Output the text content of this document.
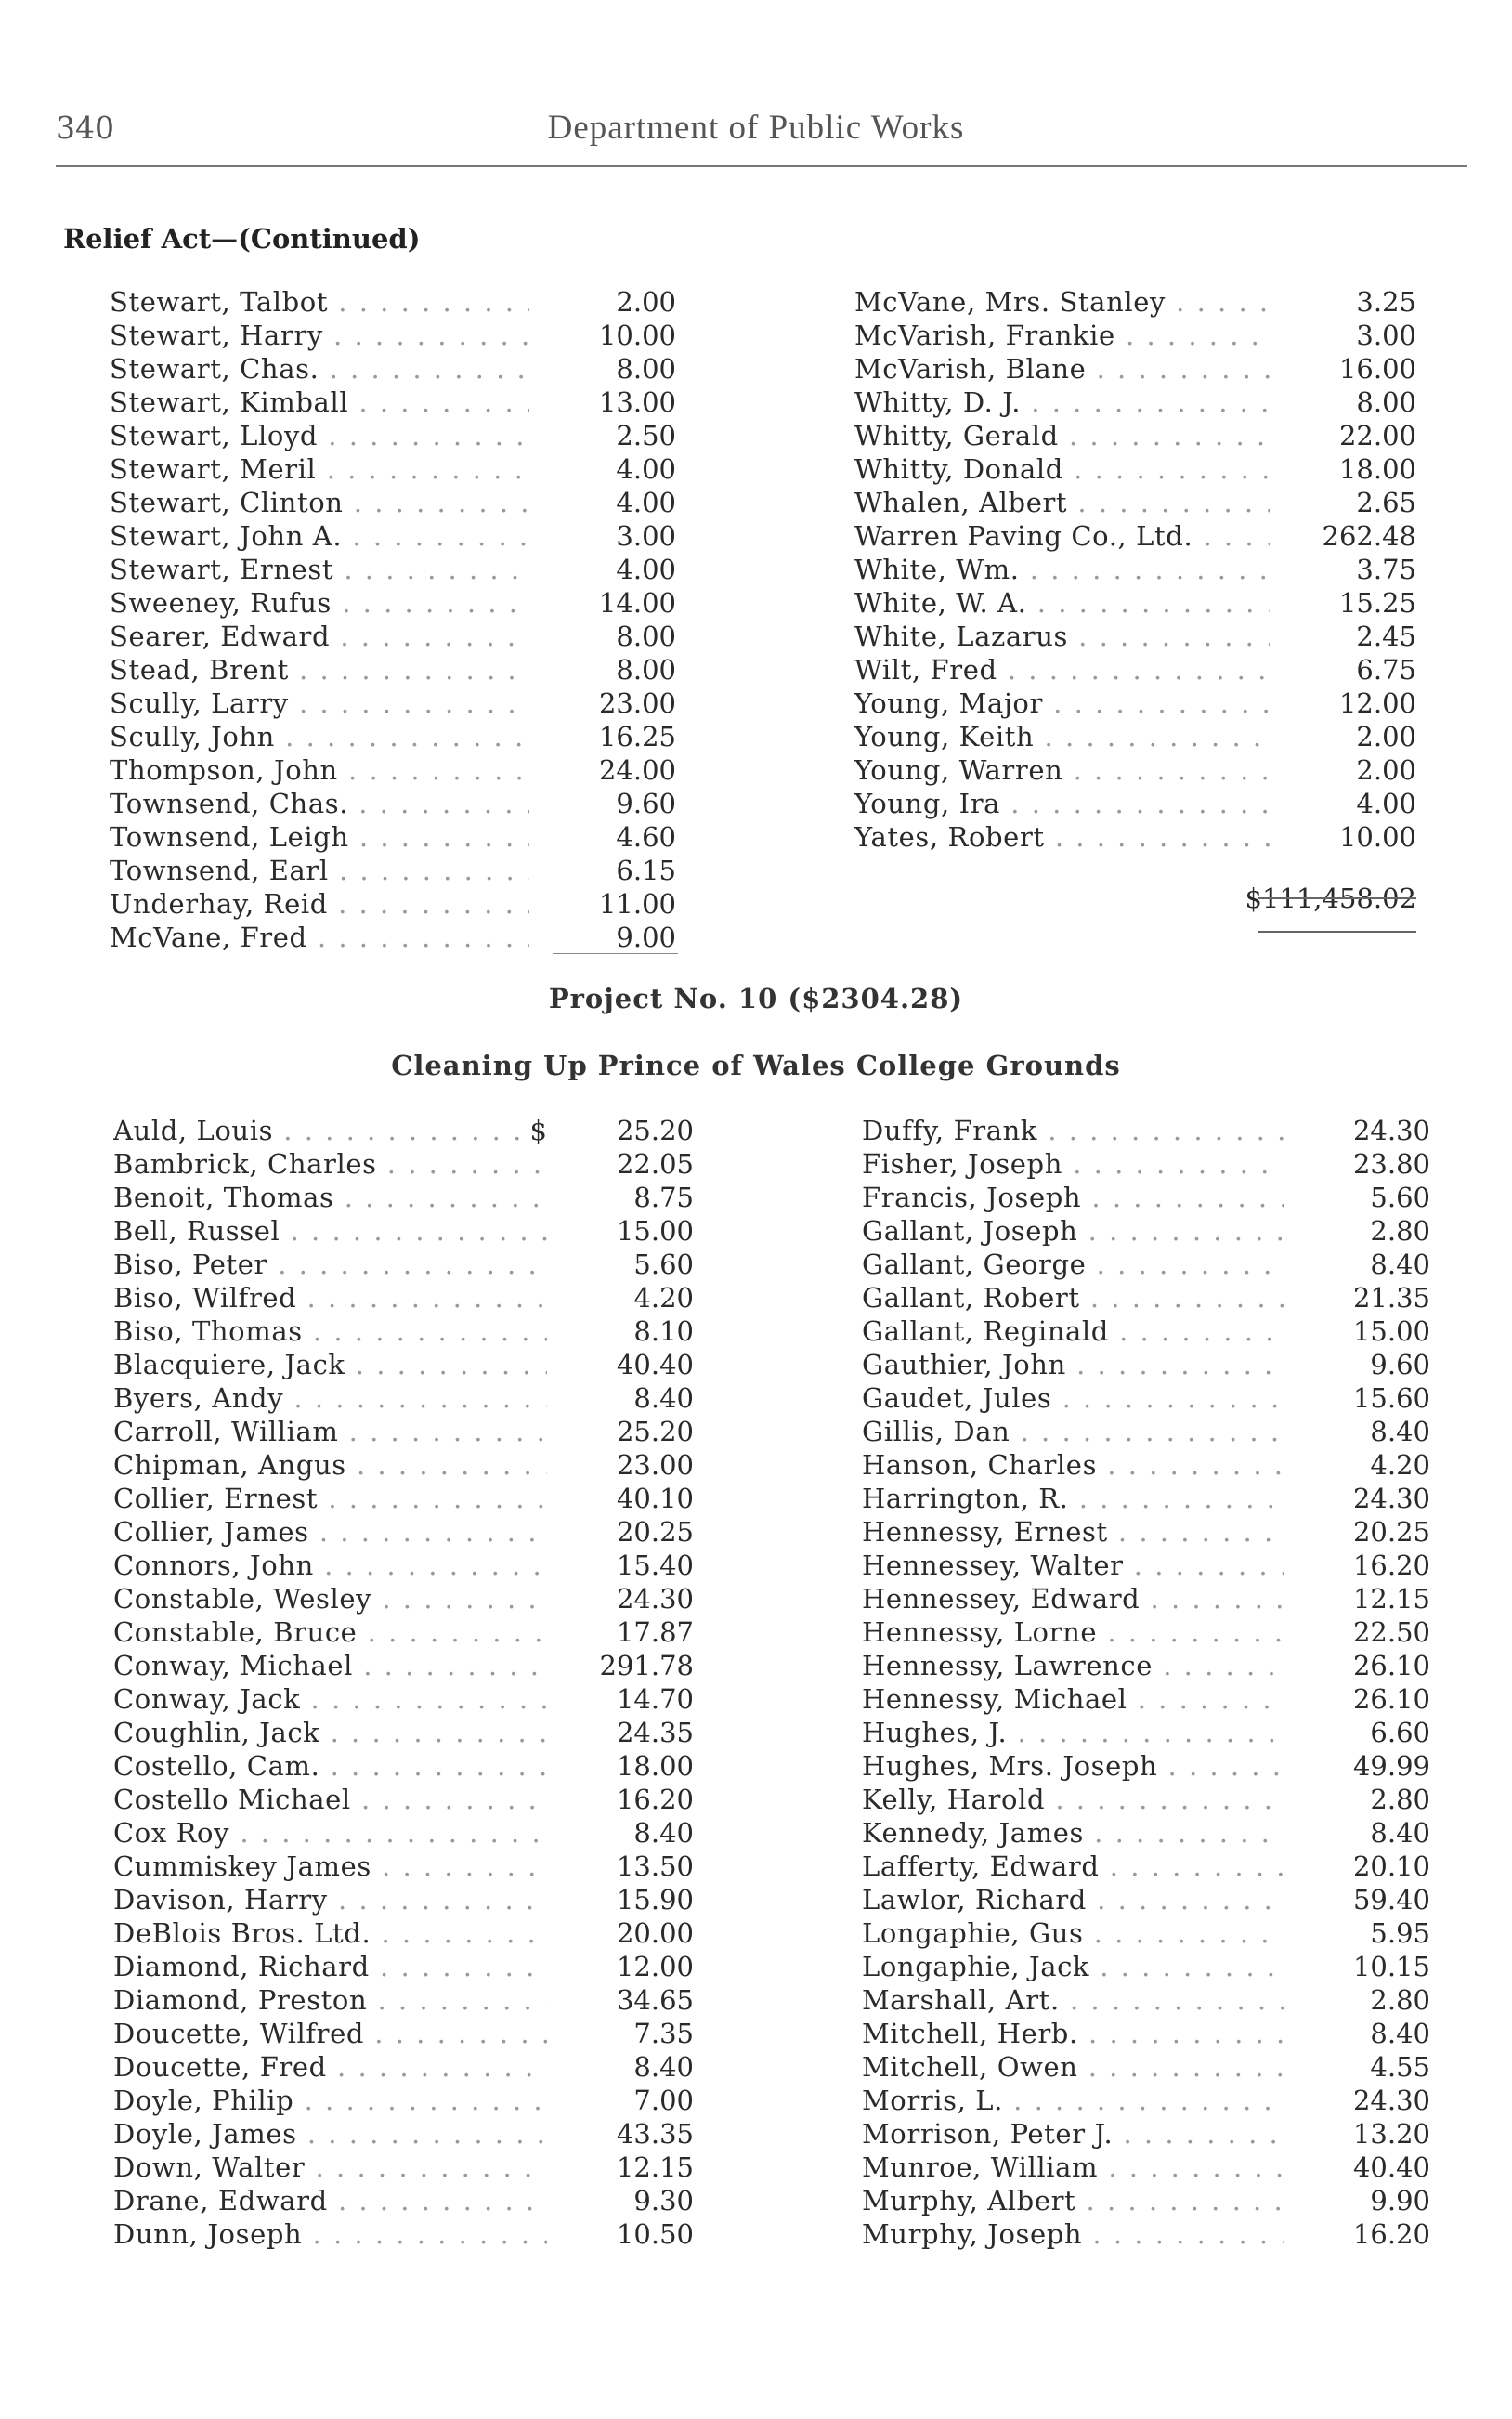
340	Department of Public Works
Relief Act—(Continued)
Stewart, Talbot . . .	2.00
Stewart, Harry . . .	10.00
Stewart, Chas. . . .	8.00
Stewart, Kimball . . .	13.00
Stewart, Lloyd . . .	2.50
Stewart, Meril . . .	4.00
Stewart, Clinton . . .	4.00
Stewart, John A. . . .	3.00
Stewart, Ernest . . .	4.00
Sweeney, Rufus . . .	14.00
Searer, Edward . . .	8.00
Stead, Brent . . .	8.00
Scully, Larry . . .	23.00
Scully, John . . .	16.25
Thompson, John . . .	24.00
Townsend, Chas. . . .	9.60
Townsend, Leigh . . .	4.60
Townsend, Earl . . .	6.15
Underhay, Reid . . .	11.00
McVane, Fred . . .	9.00
McVane, Mrs. Stanley . . .	3.25
McVarish, Frankie . . .	3.00
McVarish, Blane . . .	16.00
Whitty, D. J. . . .	8.00
Whitty, Gerald . . .	22.00
Whitty, Donald . . .	18.00
Whalen, Albert . . .	2.65
Warren Paving Co., Ltd. . . .	262.48
White, Wm. . . .	3.75
White, W. A. . . .	15.25
White, Lazarus . . .	2.45
Wilt, Fred . . .	6.75
Young, Major . . .	12.00
Young, Keith . . .	2.00
Young, Warren . . .	2.00
Young, Ira . . .	4.00
Yates, Robert . . .	10.00
$111,458.02
Project No. 10 ($2304.28)
Cleaning Up Prince of Wales College Grounds
Auld, Louis . . .	$	25.20
Bambrick, Charles . . .	22.05
Benoit, Thomas . . .	8.75
Bell, Russel . . .	15.00
Biso, Peter . . .	5.60
Biso, Wilfred . . .	4.20
Biso, Thomas . . .	8.10
Blacquiere, Jack . . .	40.40
Byers, Andy . . .	8.40
Carroll, William . . .	25.20
Chipman, Angus . . .	23.00
Collier, Ernest . . .	40.10
Collier, James . . .	20.25
Connors, John . . .	15.40
Constable, Wesley . . .	24.30
Constable, Bruce . . .	17.87
Conway, Michael . . .	291.78
Conway, Jack . . .	14.70
Coughlin, Jack . . .	24.35
Costello, Cam. . . .	18.00
Costello Michael . . .	16.20
Cox Roy . . .	8.40
Cummiskey James . . .	13.50
Davison, Harry . . .	15.90
DeBlois Bros. Ltd. . . .	20.00
Diamond, Richard . . .	12.00
Diamond, Preston . . .	34.65
Doucette, Wilfred . . .	7.35
Doucette, Fred . . .	8.40
Doyle, Philip . . .	7.00
Doyle, James . . .	43.35
Down, Walter . . .	12.15
Drane, Edward . . .	9.30
Dunn, Joseph . . .	10.50
Duffy, Frank . . .	24.30
Fisher, Joseph . . .	23.80
Francis, Joseph . . .	5.60
Gallant, Joseph . . .	2.80
Gallant, George . . .	8.40
Gallant, Robert . . .	21.35
Gallant, Reginald . . .	15.00
Gauthier, John . . .	9.60
Gaudet, Jules . . .	15.60
Gillis, Dan . . .	8.40
Hanson, Charles . . .	4.20
Harrington, R. . . .	24.30
Hennessy, Ernest . . .	20.25
Hennessey, Walter . . .	16.20
Hennessey, Edward . . .	12.15
Hennessy, Lorne . . .	22.50
Hennessy, Lawrence . . .	26.10
Hennessy, Michael . . .	26.10
Hughes, J. . . .	6.60
Hughes, Mrs. Joseph . . .	49.99
Kelly, Harold . . .	2.80
Kennedy, James . . .	8.40
Lafferty, Edward . . .	20.10
Lawlor, Richard . . .	59.40
Longaphie, Gus . . .	5.95
Longaphie, Jack . . .	10.15
Marshall, Art. . . .	2.80
Mitchell, Herb. . . .	8.40
Mitchell, Owen . . .	4.55
Morris, L. . . .	24.30
Morrison, Peter J. . . .	13.20
Munroe, William . . .	40.40
Murphy, Albert . . .	9.90
Murphy, Joseph . . .	16.20
